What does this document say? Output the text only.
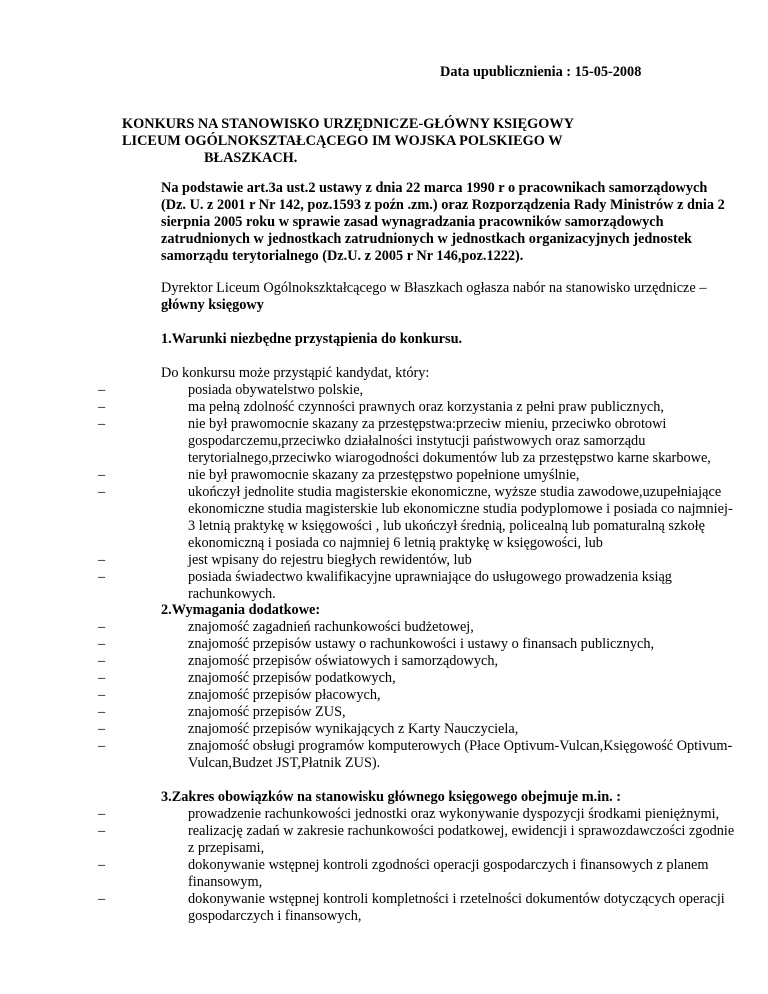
Data upublicznienia : 15-05-2008
KONKURS NA STANOWISKO URZĘDNICZE-GŁÓWNY KSIĘGOWY
LICEUM OGÓLNOKSZTAŁCĄCEGO IM WOJSKA POLSKIEGO W
BŁASZKACH.
Na podstawie art.3a ust.2 ustawy z dnia 22 marca 1990 r o pracownikach samorządowych
(Dz. U. z 2001 r Nr 142, poz.1593 z poźn .zm.) oraz Rozporządzenia Rady Ministrów z dnia 2
sierpnia 2005 roku w sprawie zasad wynagradzania pracowników samorządowych
zatrudnionych w jednostkach zatrudnionych w jednostkach organizacyjnych jednostek
samorządu terytorialnego (Dz.U. z 2005 r Nr 146,poz.1222).
Dyrektor Liceum Ogólnokszktałcącego w Błaszkach ogłasza nabór na stanowisko urzędnicze –
główny księgowy
1.Warunki niezbędne przystąpienia do konkursu.
Do konkursu może przystąpić kandydat, który:
–	posiada obywatelstwo polskie,
–	ma pełną zdolność czynności prawnych oraz korzystania z pełni praw publicznych,
–	nie był prawomocnie skazany za przestępstwa:przeciw mieniu, przeciwko obrotowi
gospodarczemu,przeciwko działalności instytucji państwowych oraz samorządu
terytorialnego,przeciwko wiarogodności dokumentów lub za przestępstwo karne skarbowe,
–	nie był prawomocnie skazany za przestępstwo popełnione umyślnie,
–	ukończył jednolite studia magisterskie ekonomiczne, wyższe studia zawodowe,uzupełniające
ekonomiczne studia magisterskie lub ekonomiczne studia podyplomowe i posiada co najmniej-
3 letnią praktykę w księgowości , lub ukończył średnią, policealną lub pomaturalną szkołę
ekonomiczną i posiada co najmniej 6 letnią praktykę w księgowości, lub
–	jest wpisany do rejestru biegłych rewidentów, lub
–	posiada świadectwo kwalifikacyjne uprawniające do usługowego prowadzenia ksiąg
rachunkowych.
2.Wymagania dodatkowe:
–	znajomość zagadnień rachunkowości budżetowej,
–	znajomość przepisów ustawy o rachunkowości i ustawy o finansach publicznych,
–	znajomość przepisów oświatowych i samorządowych,
–	znajomość przepisów podatkowych,
–	znajomość przepisów płacowych,
–	znajomość przepisów ZUS,
–	znajomość przepisów wynikających z Karty Nauczyciela,
–	znajomość obsługi programów komputerowych (Płace Optivum-Vulcan,Księgowość Optivum-
Vulcan,Budzet JST,Płatnik ZUS).
3.Zakres obowiązków na stanowisku głównego księgowego obejmuje m.in. :
–	prowadzenie rachunkowości jednostki oraz wykonywanie dyspozycji środkami pieniężnymi,
–	realizację zadań w zakresie rachunkowości podatkowej, ewidencji i sprawozdawczości zgodnie
z przepisami,
–	dokonywanie wstępnej kontroli zgodności operacji gospodarczych i finansowych z planem
finansowym,
–	dokonywanie wstępnej kontroli kompletności i rzetelności dokumentów dotyczących operacji
gospodarczych i finansowych,
